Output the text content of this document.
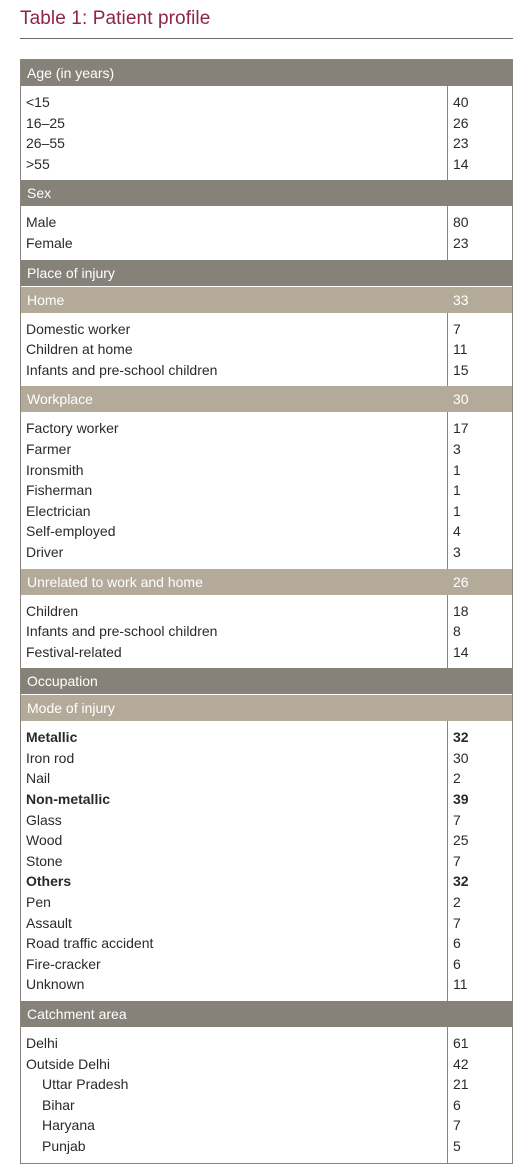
Table 1: Patient profile
Age (in years)
<15	40
16–25	26
26–55	23
>55	14
Sex
Male	80
Female	23
Place of injury
Home	33
Domestic worker	7
Children at home	11
Infants and pre-school children	15
Workplace	30
Factory worker	17
Farmer	3
Ironsmith	1
Fisherman	1
Electrician	1
Self-employed	4
Driver	3
Unrelated to work and home	26
Children	18
Infants and pre-school children	8
Festival-related	14
Occupation
Mode of injury
Metallic	32
Iron rod	30
Nail	2
Non-metallic	39
Glass	7
Wood	25
Stone	7
Others	32
Pen	2
Assault	7
Road traffic accident	6
Fire-cracker	6
Unknown	11
Catchment area
Delhi	61
Outside Delhi	42
Uttar Pradesh	21
Bihar	6
Haryana	7
Punjab	5
